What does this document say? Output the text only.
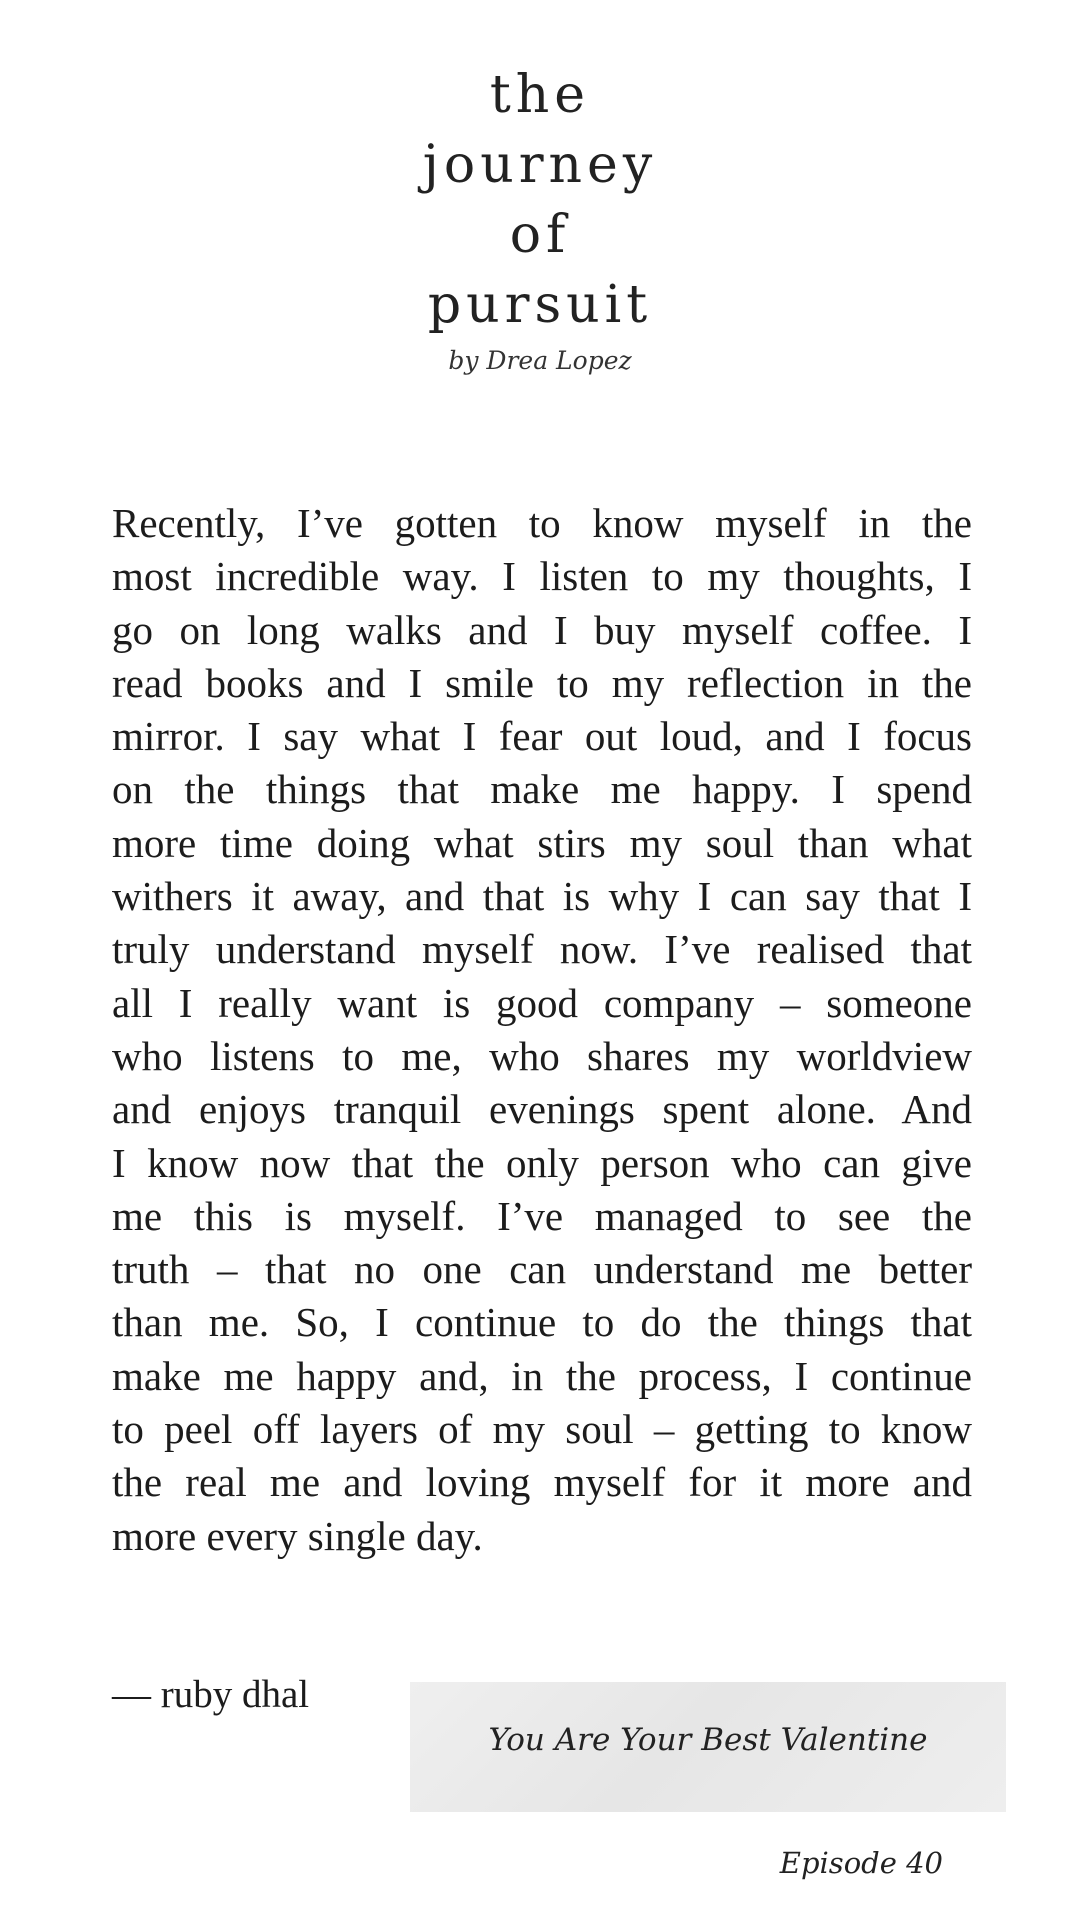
the
journey
of
pursuit
by Drea Lopez
Recently, I’ve gotten to know myself in the
most incredible way. I listen to my thoughts, I
go on long walks and I buy myself coffee. I
read books and I smile to my reflection in the
mirror. I say what I fear out loud, and I focus
on the things that make me happy. I spend
more time doing what stirs my soul than what
withers it away, and that is why I can say that I
truly understand myself now. I’ve realised that
all I really want is good company – someone
who listens to me, who shares my worldview
and enjoys tranquil evenings spent alone. And
I know now that the only person who can give
me this is myself. I’ve managed to see the
truth – that no one can understand me better
than me. So, I continue to do the things that
make me happy and, in the process, I continue
to peel off layers of my soul – getting to know
the real me and loving myself for it more and
more every single day.
— ruby dhal
You Are Your Best Valentine
Episode 40
